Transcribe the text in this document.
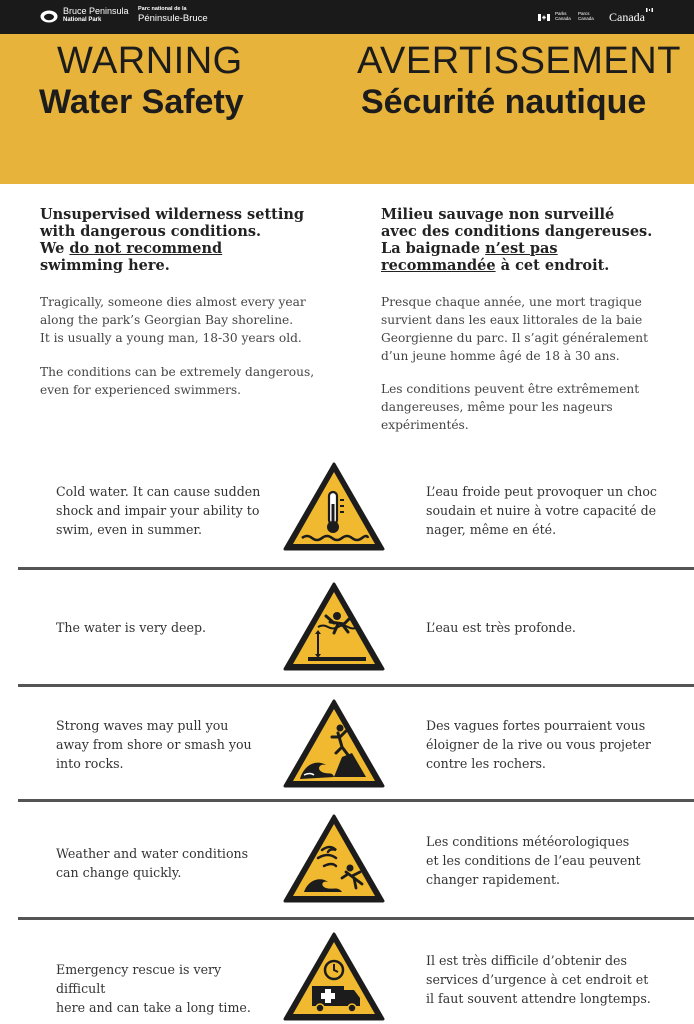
Bruce Peninsula
National Park
Parc national de la
Péninsule-Bruce	Parks
Canada
Parcs
Canada Canada
WARNING
Water Safety
AVERTISSEMENT
Sécurité nautique
Unsupervised wilderness setting
with dangerous conditions.
We do not recommend
swimming here.
Tragically, someone dies almost every year
along the park’s Georgian Bay shoreline.
It is usually a young man, 18-30 years old.
The conditions can be extremely dangerous,
even for experienced swimmers.
Milieu sauvage non surveillé
avec des conditions dangereuses.
La baignade n’est pas
recommandée à cet endroit.
Presque chaque année, une mort tragique
survient dans les eaux littorales de la baie
Georgienne du parc. Il s’agit généralement
d’un jeune homme âgé de 18 à 30 ans.
Les conditions peuvent être extrêmement
dangereuses, même pour les nageurs
expérimentés.
Cold water. It can cause sudden
shock and impair your ability to
swim, even in summer.
L’eau froide peut provoquer un choc
soudain et nuire à votre capacité de
nager, même en été.
The water is very deep.	L’eau est très profonde.
Strong waves may pull you
away from shore or smash you
into rocks.
Des vagues fortes pourraient vous
éloigner de la rive ou vous projeter
contre les rochers.
Weather and water conditions
can change quickly.
Les conditions météorologiques
et les conditions de l’eau peuvent
changer rapidement.
Emergency rescue is very difficult
here and can take a long time.
Il est très difficile d’obtenir des
services d’urgence à cet endroit et
il faut souvent attendre longtemps.
